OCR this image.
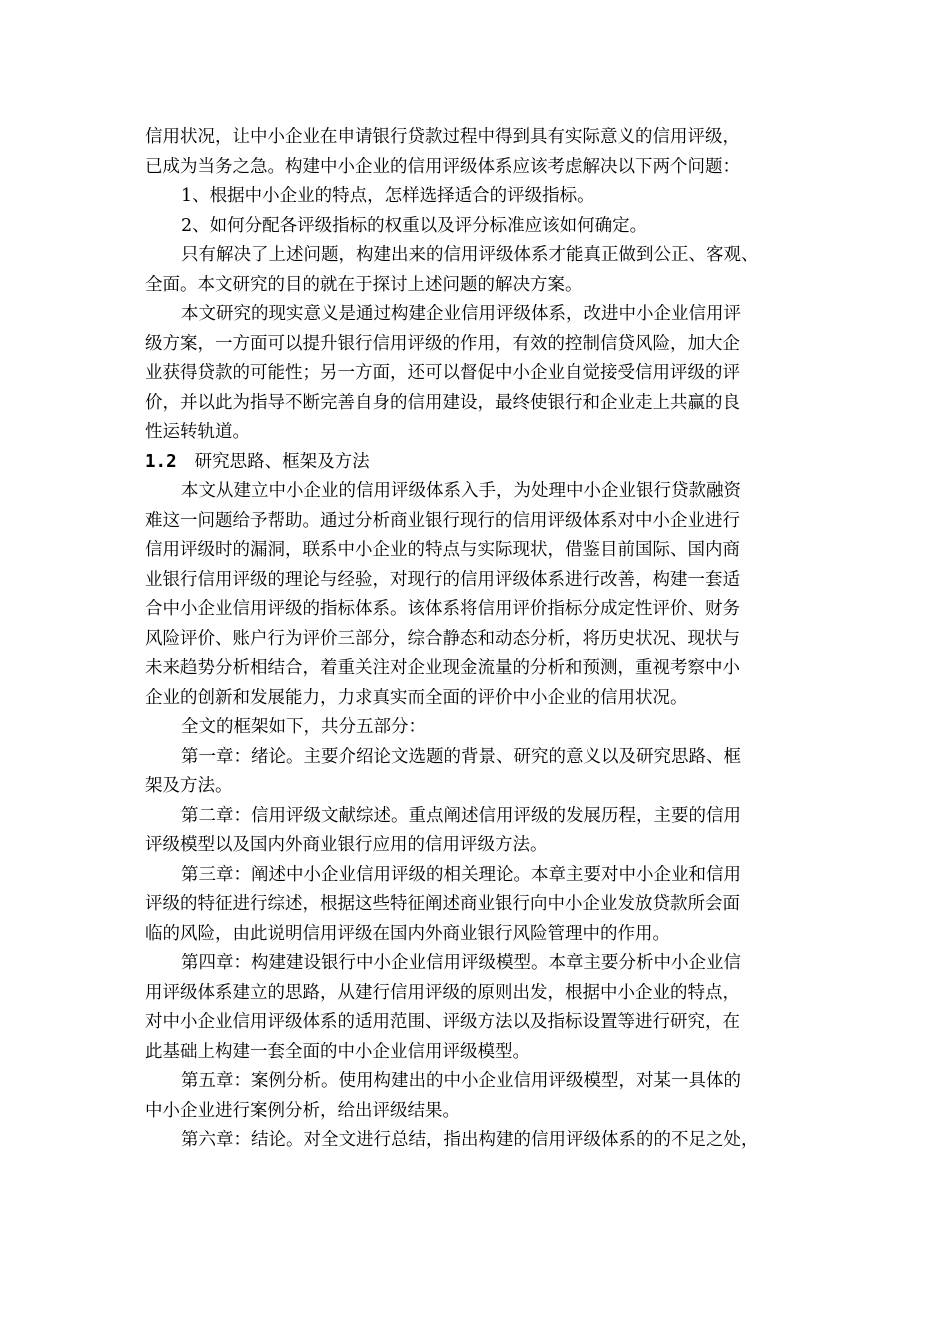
信用状况，让中小企业在申请银行贷款过程中得到具有实际意义的信用评级，
已成为当务之急。构建中小企业的信用评级体系应该考虑解决以下两个问题：
1、根据中小企业的特点，怎样选择适合的评级指标。
2、如何分配各评级指标的权重以及评分标准应该如何确定。
只有解决了上述问题，构建出来的信用评级体系才能真正做到公正、客观、
全面。本文研究的目的就在于探讨上述问题的解决方案。
本文研究的现实意义是通过构建企业信用评级体系，改进中小企业信用评
级方案，一方面可以提升银行信用评级的作用，有效的控制信贷风险，加大企
业获得贷款的可能性；另一方面，还可以督促中小企业自觉接受信用评级的评
价，并以此为指导不断完善自身的信用建设，最终使银行和企业走上共赢的良
性运转轨道。
1.2 研究思路、框架及方法
本文从建立中小企业的信用评级体系入手，为处理中小企业银行贷款融资
难这一问题给予帮助。通过分析商业银行现行的信用评级体系对中小企业进行
信用评级时的漏洞，联系中小企业的特点与实际现状，借鉴目前国际、国内商
业银行信用评级的理论与经验，对现行的信用评级体系进行改善，构建一套适
合中小企业信用评级的指标体系。该体系将信用评价指标分成定性评价、财务
风险评价、账户行为评价三部分，综合静态和动态分析，将历史状况、现状与
未来趋势分析相结合，着重关注对企业现金流量的分析和预测，重视考察中小
企业的创新和发展能力，力求真实而全面的评价中小企业的信用状况。
全文的框架如下，共分五部分：
第一章：绪论。主要介绍论文选题的背景、研究的意义以及研究思路、框
架及方法。
第二章：信用评级文献综述。重点阐述信用评级的发展历程，主要的信用
评级模型以及国内外商业银行应用的信用评级方法。
第三章：阐述中小企业信用评级的相关理论。本章主要对中小企业和信用
评级的特征进行综述，根据这些特征阐述商业银行向中小企业发放贷款所会面
临的风险，由此说明信用评级在国内外商业银行风险管理中的作用。
第四章：构建建设银行中小企业信用评级模型。本章主要分析中小企业信
用评级体系建立的思路，从建行信用评级的原则出发，根据中小企业的特点，
对中小企业信用评级体系的适用范围、评级方法以及指标设置等进行研究，在
此基础上构建一套全面的中小企业信用评级模型。
第五章：案例分析。使用构建出的中小企业信用评级模型，对某一具体的
中小企业进行案例分析，给出评级结果。
第六章：结论。对全文进行总结，指出构建的信用评级体系的的不足之处，
